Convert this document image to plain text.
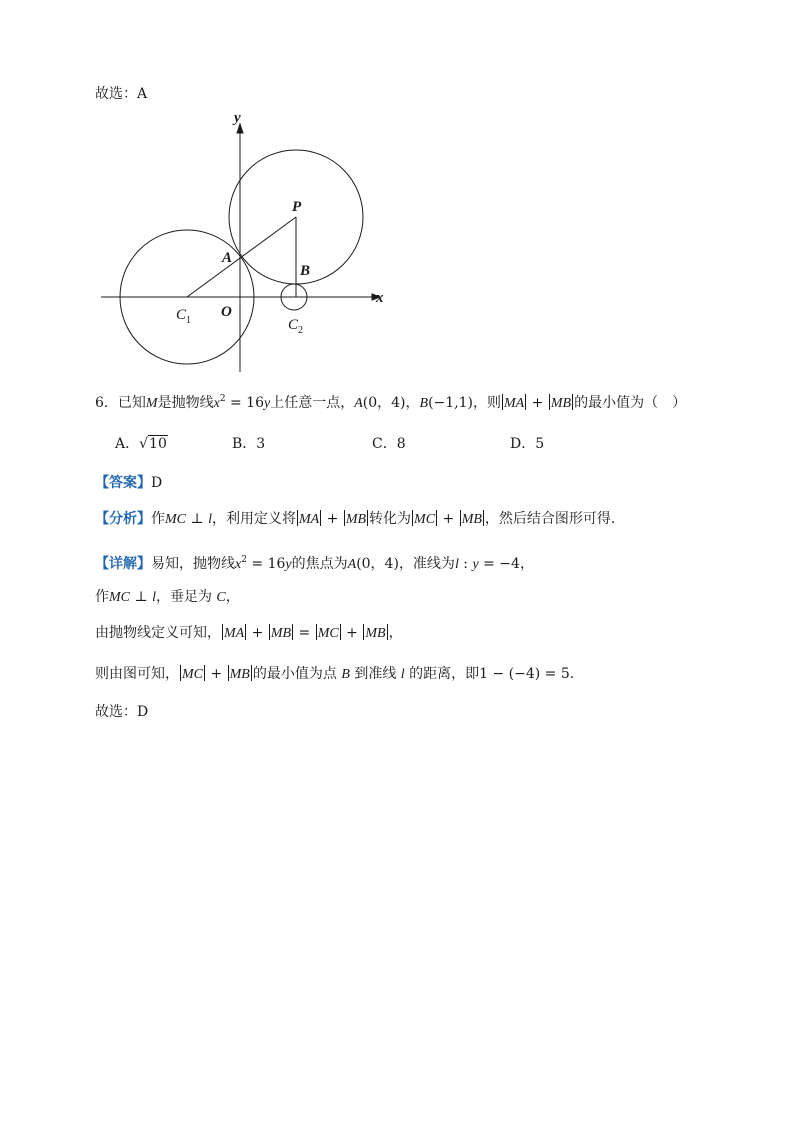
故选：A
y
x
P
A
B
O
$C_1$	$C_2$
6．已知M是抛物线$x^2 = 16y$上任意一点，A(0，4)，B(−1,1)，则 MA + MB 的最小值为（　）
A．√10	B．3	C．8	D．5
【答案】D
【分析】作MC ⊥ l，利用定义将 MA + MB 转化为 MC + MB ，然后结合图形可得.
【详解】易知，抛物线$x^2 = 16y$的焦点为A(0，4)，准线为l : y = −4，
作MC ⊥ l，垂足为 C，
由抛物线定义可知， MA + MB = MC + MB ，
则由图可知， MC + MB 的最小值为点 B 到准线 l 的距离，即1 − (−4) = 5.
故选：D
